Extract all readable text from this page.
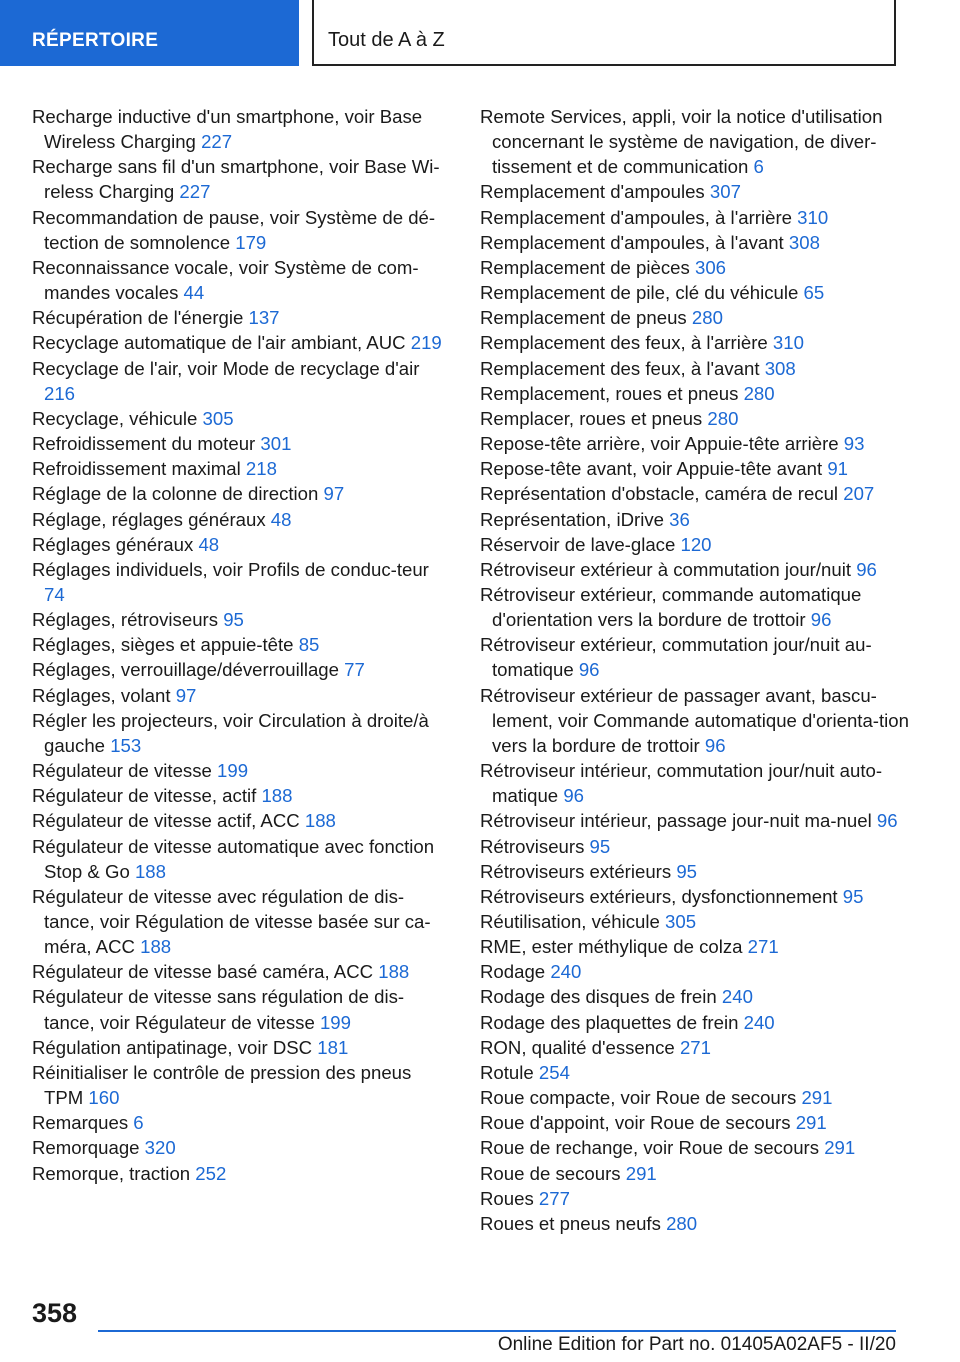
RÉPERTOIRE	Tout de A à Z
Recharge inductive d'un smartphone, voir Base Wireless Charging 227
Recharge sans fil d'un smartphone, voir Base Wi‐reless Charging 227
Recommandation de pause, voir Système de dé‐tection de somnolence 179
Reconnaissance vocale, voir Système de com‐mandes vocales 44
Récupération de l'énergie 137
Recyclage automatique de l'air ambiant, AUC 219
Recyclage de l'air, voir Mode de recyclage d'air 216
Recyclage, véhicule 305
Refroidissement du moteur 301
Refroidissement maximal 218
Réglage de la colonne de direction 97
Réglage, réglages généraux 48
Réglages généraux 48
Réglages individuels, voir Profils de conduc‐teur 74
Réglages, rétroviseurs 95
Réglages, sièges et appuie-tête 85
Réglages, verrouillage/déverrouillage 77
Réglages, volant 97
Régler les projecteurs, voir Circulation à droite/à gauche 153
Régulateur de vitesse 199
Régulateur de vitesse, actif 188
Régulateur de vitesse actif, ACC 188
Régulateur de vitesse automatique avec fonction Stop & Go 188
Régulateur de vitesse avec régulation de dis‐tance, voir Régulation de vitesse basée sur ca‐méra, ACC 188
Régulateur de vitesse basé caméra, ACC 188
Régulateur de vitesse sans régulation de dis‐tance, voir Régulateur de vitesse 199
Régulation antipatinage, voir DSC 181
Réinitialiser le contrôle de pression des pneus TPM 160
Remarques 6
Remorquage 320
Remorque, traction 252
Remote Services, appli, voir la notice d'utilisation concernant le système de navigation, de diver‐tissement et de communication 6
Remplacement d'ampoules 307
Remplacement d'ampoules, à l'arrière 310
Remplacement d'ampoules, à l'avant 308
Remplacement de pièces 306
Remplacement de pile, clé du véhicule 65
Remplacement de pneus 280
Remplacement des feux, à l'arrière 310
Remplacement des feux, à l'avant 308
Remplacement, roues et pneus 280
Remplacer, roues et pneus 280
Repose-tête arrière, voir Appuie-tête arrière 93
Repose-tête avant, voir Appuie-tête avant 91
Représentation d'obstacle, caméra de recul 207
Représentation, iDrive 36
Réservoir de lave-glace 120
Rétroviseur extérieur à commutation jour/nuit 96
Rétroviseur extérieur, commande automatique d'orientation vers la bordure de trottoir 96
Rétroviseur extérieur, commutation jour/nuit au‐tomatique 96
Rétroviseur extérieur de passager avant, bascu‐lement, voir Commande automatique d'orienta‐tion vers la bordure de trottoir 96
Rétroviseur intérieur, commutation jour/nuit auto‐matique 96
Rétroviseur intérieur, passage jour-nuit ma‐nuel 96
Rétroviseurs 95
Rétroviseurs extérieurs 95
Rétroviseurs extérieurs, dysfonctionnement 95
Réutilisation, véhicule 305
RME, ester méthylique de colza 271
Rodage 240
Rodage des disques de frein 240
Rodage des plaquettes de frein 240
RON, qualité d'essence 271
Rotule 254
Roue compacte, voir Roue de secours 291
Roue d'appoint, voir Roue de secours 291
Roue de rechange, voir Roue de secours 291
Roue de secours 291
Roues 277
Roues et pneus neufs 280
358
Online Edition for Part no. 01405A02AF5 - II/20
